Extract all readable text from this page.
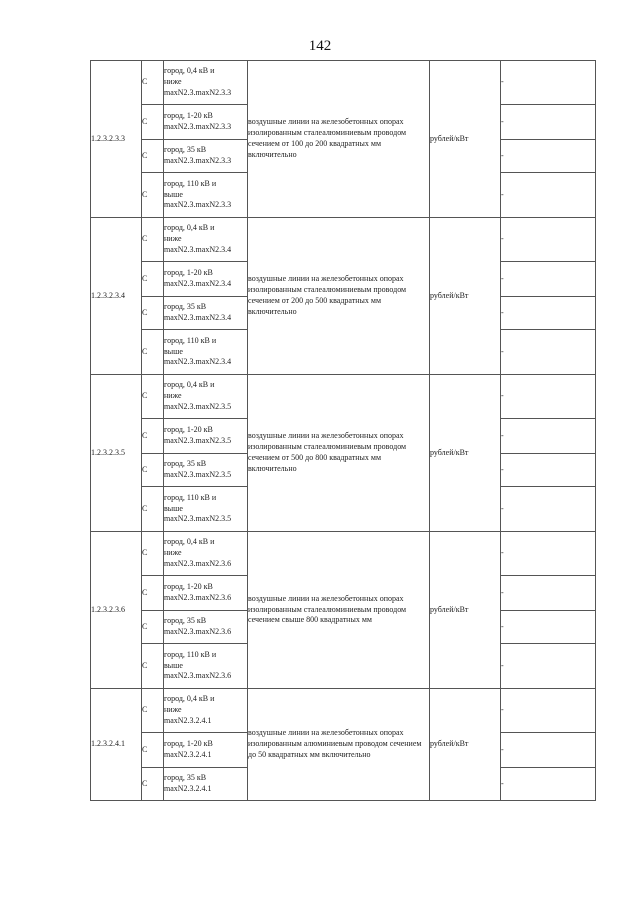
142
1.2.3.2.3.3	С	город, 0,4 кВ и
ниже
maxN2.3.maxN2.3.3	воздушные линии на железобетонных опорах изолированным сталеалюминиевым проводом сечением от 100 до 200 квадратных мм включительно	рублей/кВт	-
	С	город, 1-20 кВ
maxN2.3.maxN2.3.3			-
	С	город, 35 кВ
maxN2.3.maxN2.3.3			-
	С	город, 110 кВ и
выше
maxN2.3.maxN2.3.3			-
1.2.3.2.3.4	С	город, 0,4 кВ и
ниже
maxN2.3.maxN2.3.4	воздушные линии на железобетонных опорах изолированным сталеалюминиевым проводом сечением от 200 до 500 квадратных мм включительно	рублей/кВт	-
	С	город, 1-20 кВ
maxN2.3.maxN2.3.4			-
	С	город, 35 кВ
maxN2.3.maxN2.3.4			-
	С	город, 110 кВ и
выше
maxN2.3.maxN2.3.4			-
1.2.3.2.3.5	С	город, 0,4 кВ и
ниже
maxN2.3.maxN2.3.5	воздушные линии на железобетонных опорах изолированным сталеалюминиевым проводом сечением от 500 до 800 квадратных мм включительно	рублей/кВт	-
	С	город, 1-20 кВ
maxN2.3.maxN2.3.5			-
	С	город, 35 кВ
maxN2.3.maxN2.3.5			-
	С	город, 110 кВ и
выше
maxN2.3.maxN2.3.5			-
1.2.3.2.3.6	С	город, 0,4 кВ и
ниже
maxN2.3.maxN2.3.6	воздушные линии на железобетонных опорах изолированным сталеалюминиевым проводом сечением свыше 800 квадратных мм	рублей/кВт	-
	С	город, 1-20 кВ
maxN2.3.maxN2.3.6			-
	С	город, 35 кВ
maxN2.3.maxN2.3.6			-
	С	город, 110 кВ и
выше
maxN2.3.maxN2.3.6			-
1.2.3.2.4.1	С	город, 0,4 кВ и
ниже
maxN2.3.2.4.1	воздушные линии на железобетонных опорах изолированным алюминиевым проводом сечением до 50 квадратных мм включительно	рублей/кВт	-
	С	город, 1-20 кВ
maxN2.3.2.4.1			-
	С	город, 35 кВ
maxN2.3.2.4.1			-
